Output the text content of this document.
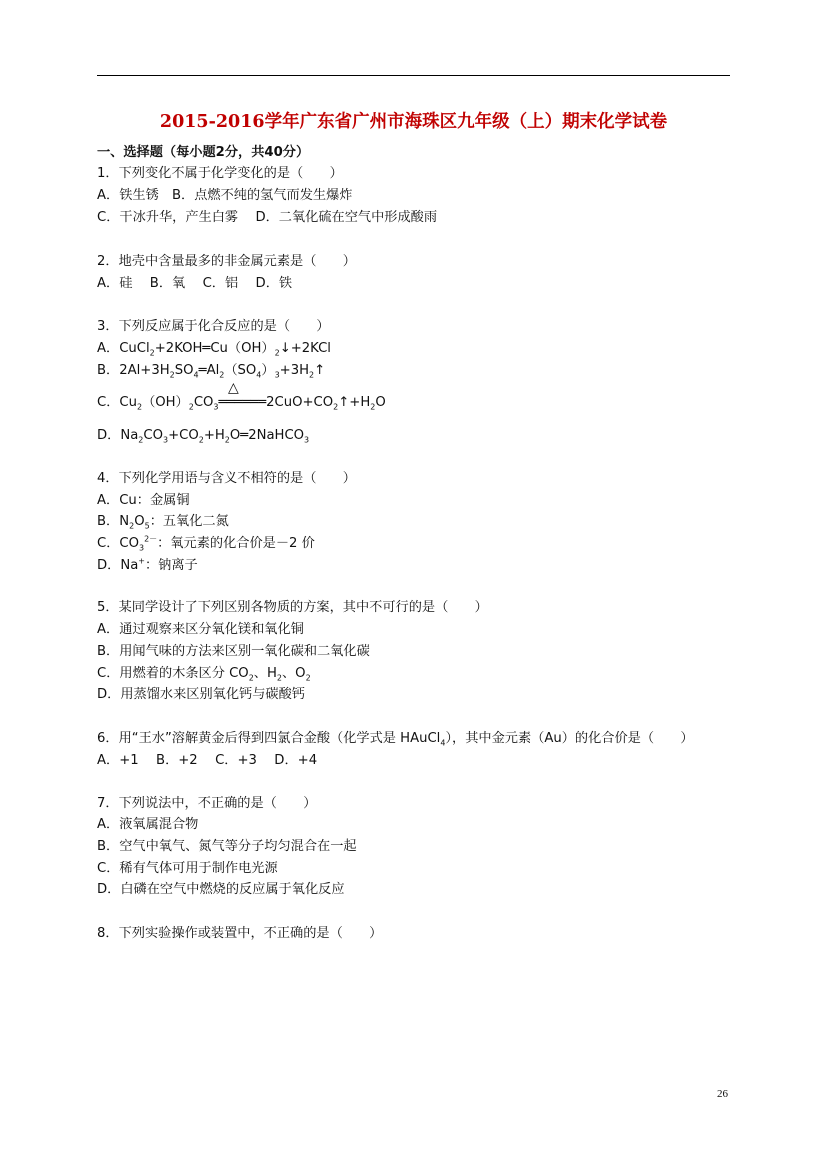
2015-2016学年广东省广州市海珠区九年级（上）期末化学试卷
一、选择题（每小题2分，共40分）
1．下列变化不属于化学变化的是（　　）
A．铁生锈　B．点燃不纯的氢气而发生爆炸
C．干冰升华，产生白雾　 D．二氧化硫在空气中形成酸雨
2．地壳中含量最多的非金属元素是（　　）
A．硅　 B．氧　 C．铝　 D．铁
3．下列反应属于化合反应的是（　　）
A．$CuCl_2+2KOH═Cu(OH)_2↓+2KCl$
B．$2Al+3H_2SO_4═Al_2(SO_4)_3+3H_2↑$
△
C．$Cu_2(OH)_2CO_3══════2CuO+CO_2↑+H_2O$
D．$Na_2CO_3+CO_2+H_2O═2NaHCO_3$
4．下列化学用语与含义不相符的是（　　）
A．Cu：金属铜
B．$N_2O_5$：五氧化二氮
C．$CO_3^{2-}$：氧元素的化合价是－2 价
D．Na+：钠离子
5．某同学设计了下列区别各物质的方案，其中不可行的是（　　）
A．通过观察来区分氧化镁和氧化铜
B．用闻气味的方法来区别一氧化碳和二氧化碳
C．用燃着的木条区分 $CO_2$、$H_2$、$O_2$
D．用蒸馏水来区别氧化钙与碳酸钙
6．用“王水”溶解黄金后得到四氯合金酸（化学式是 HAuCl$_4$），其中金元素（Au）的化合价是（　　）
A．+1　 B．+2　 C．+3　 D．+4
7．下列说法中，不正确的是（　　）
A．液氧属混合物
B．空气中氧气、氮气等分子均匀混合在一起
C．稀有气体可用于制作电光源
D．白磷在空气中燃烧的反应属于氧化反应
8．下列实验操作或装置中，不正确的是（　　）
26
